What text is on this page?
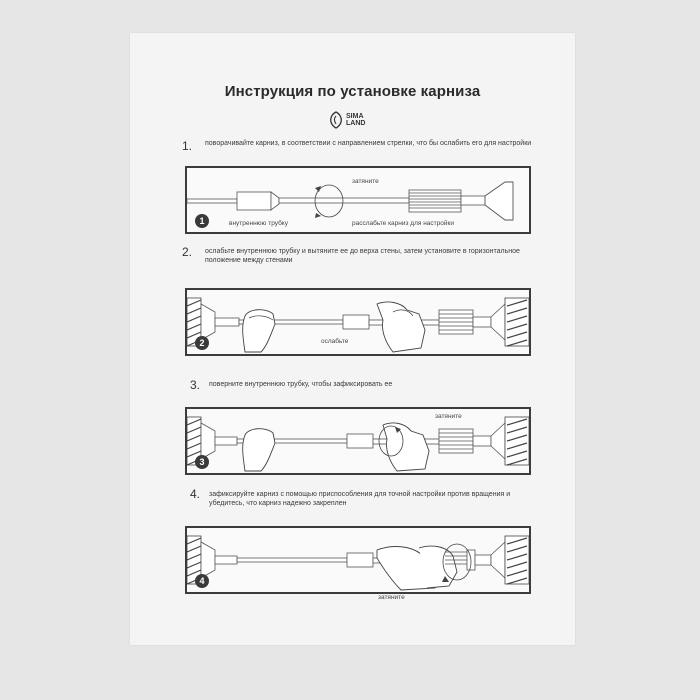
Инструкция по установке карниза
SIMA
LAND
1. поворачивайте карниз, в соответствии с направлением стрелки, что бы ослабить его для настройки
затяните
внутреннюю трубку	расслабьте карниз для настройки
1
2. ослабьте внутреннюю трубку и вытяните ее до верха стены, затем установите в горизонтальное положение между стенами
ослабьте
2
3. поверните внутреннюю трубку, чтобы зафиксировать ее
затяните
3
4. зафиксируйте карниз с помощью приспособления для точной настройки против вращения и убедитесь, что карниз надежно закреплен
4
затяните
